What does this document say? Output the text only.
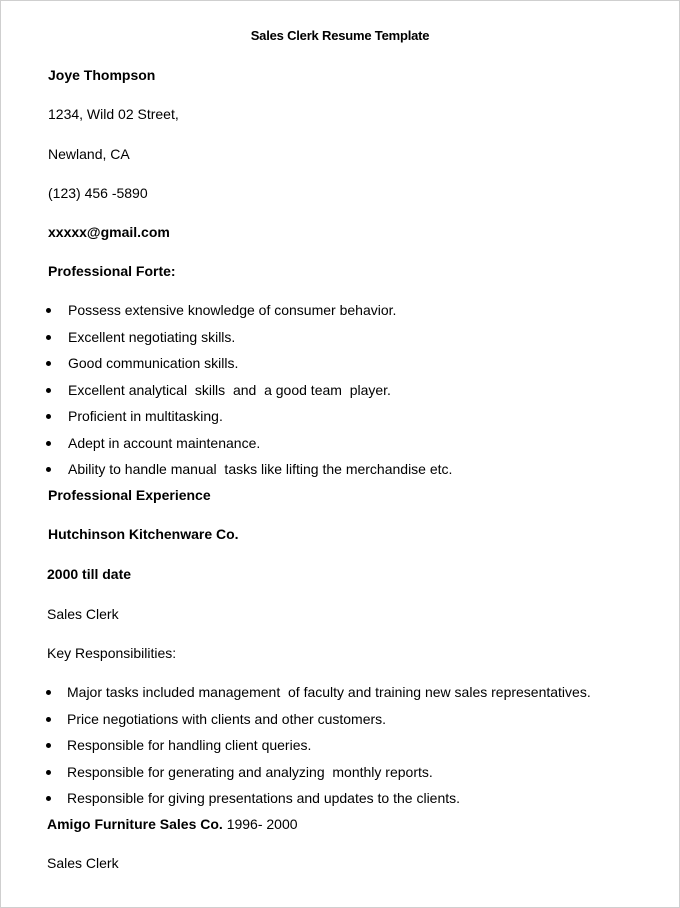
Sales Clerk Resume Template
Joye Thompson
1234, Wild 02 Street,
Newland, CA
(123) 456 -5890
xxxxx@gmail.com
Professional Forte:
Possess extensive knowledge of consumer behavior.
Excellent negotiating skills.
Good communication skills.
Excellent analytical  skills  and  a good team  player.
Proficient in multitasking.
Adept in account maintenance.
Ability to handle manual  tasks like lifting the merchandise etc.
Professional Experience
Hutchinson Kitchenware Co.
2000 till date
Sales Clerk
Key Responsibilities:
Major tasks included management  of faculty and training new sales representatives.
Price negotiations with clients and other customers.
Responsible for handling client queries.
Responsible for generating and analyzing  monthly reports.
Responsible for giving presentations and updates to the clients.
Amigo Furniture Sales Co. 1996- 2000
Sales Clerk
